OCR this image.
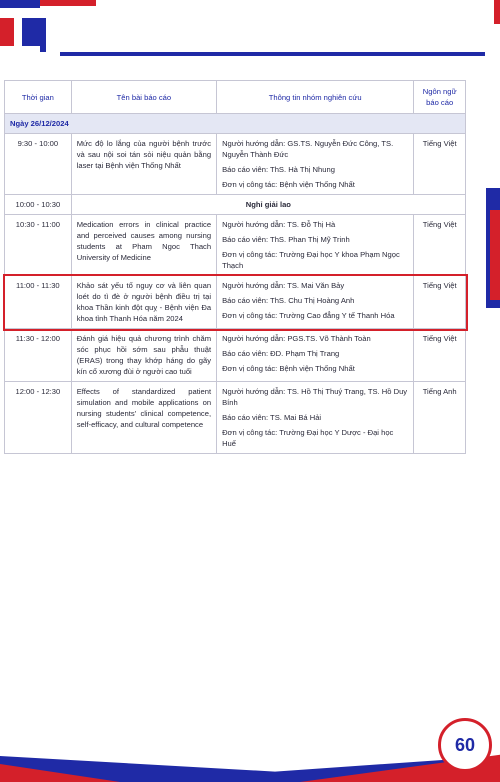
Thời gian	Tên bài báo cáo	Thông tin nhóm nghiên cứu	Ngôn ngữ báo cáo
Ngày 26/12/2024			
9:30 - 10:00	Mức độ lo lắng của người bệnh trước và sau nội soi tán sỏi niệu quản bằng laser tại Bệnh viện Thống Nhất	Người hướng dẫn: GS.TS. Nguyễn Đức Công, TS. Nguyễn Thành Đức
Báo cáo viên: ThS. Hà Thị Nhung
Đơn vị công tác: Bệnh viện Thống Nhất	Tiếng Việt
10:00 - 10:30	Nghỉ giải lao		
10:30 - 11:00	Medication errors in clinical practice and perceived causes among nursing students at Pham Ngoc Thach University of Medicine	Người hướng dẫn: TS. Đỗ Thị Hà
Báo cáo viên: ThS. Phan Thị Mỹ Trinh
Đơn vị công tác: Trường Đại học Y khoa Phạm Ngọc Thạch	Tiếng Việt
11:00 - 11:30	Khảo sát yếu tố nguy cơ và liên quan loét do tì đè ở người bệnh điều trị tại khoa Thần kinh đột quỵ - Bệnh viện Đa khoa tỉnh Thanh Hóa năm 2024	Người hướng dẫn: TS. Mai Văn Bảy
Báo cáo viên: ThS. Chu Thị Hoàng Anh
Đơn vị công tác: Trường Cao đẳng Y tế Thanh Hóa	Tiếng Việt
11:30 - 12:00	Đánh giá hiệu quả chương trình chăm sóc phục hồi sớm sau phẫu thuật (ERAS) trong thay khớp háng do gãy kín cổ xương đùi ở người cao tuổi	Người hướng dẫn: PGS.TS. Võ Thành Toàn
Báo cáo viên: ĐD. Phạm Thị Trang
Đơn vị công tác: Bệnh viện Thống Nhất	Tiếng Việt
12:00 - 12:30	Effects of standardized patient simulation and mobile applications on nursing students' clinical competence, self-efficacy, and cultural competence	Người hướng dẫn: TS. Hồ Thị Thuý Trang, TS. Hồ Duy Bính
Báo cáo viên: TS. Mai Bá Hải
Đơn vị công tác: Trường Đại học Y Dược - Đại học Huế	Tiếng Anh
60
